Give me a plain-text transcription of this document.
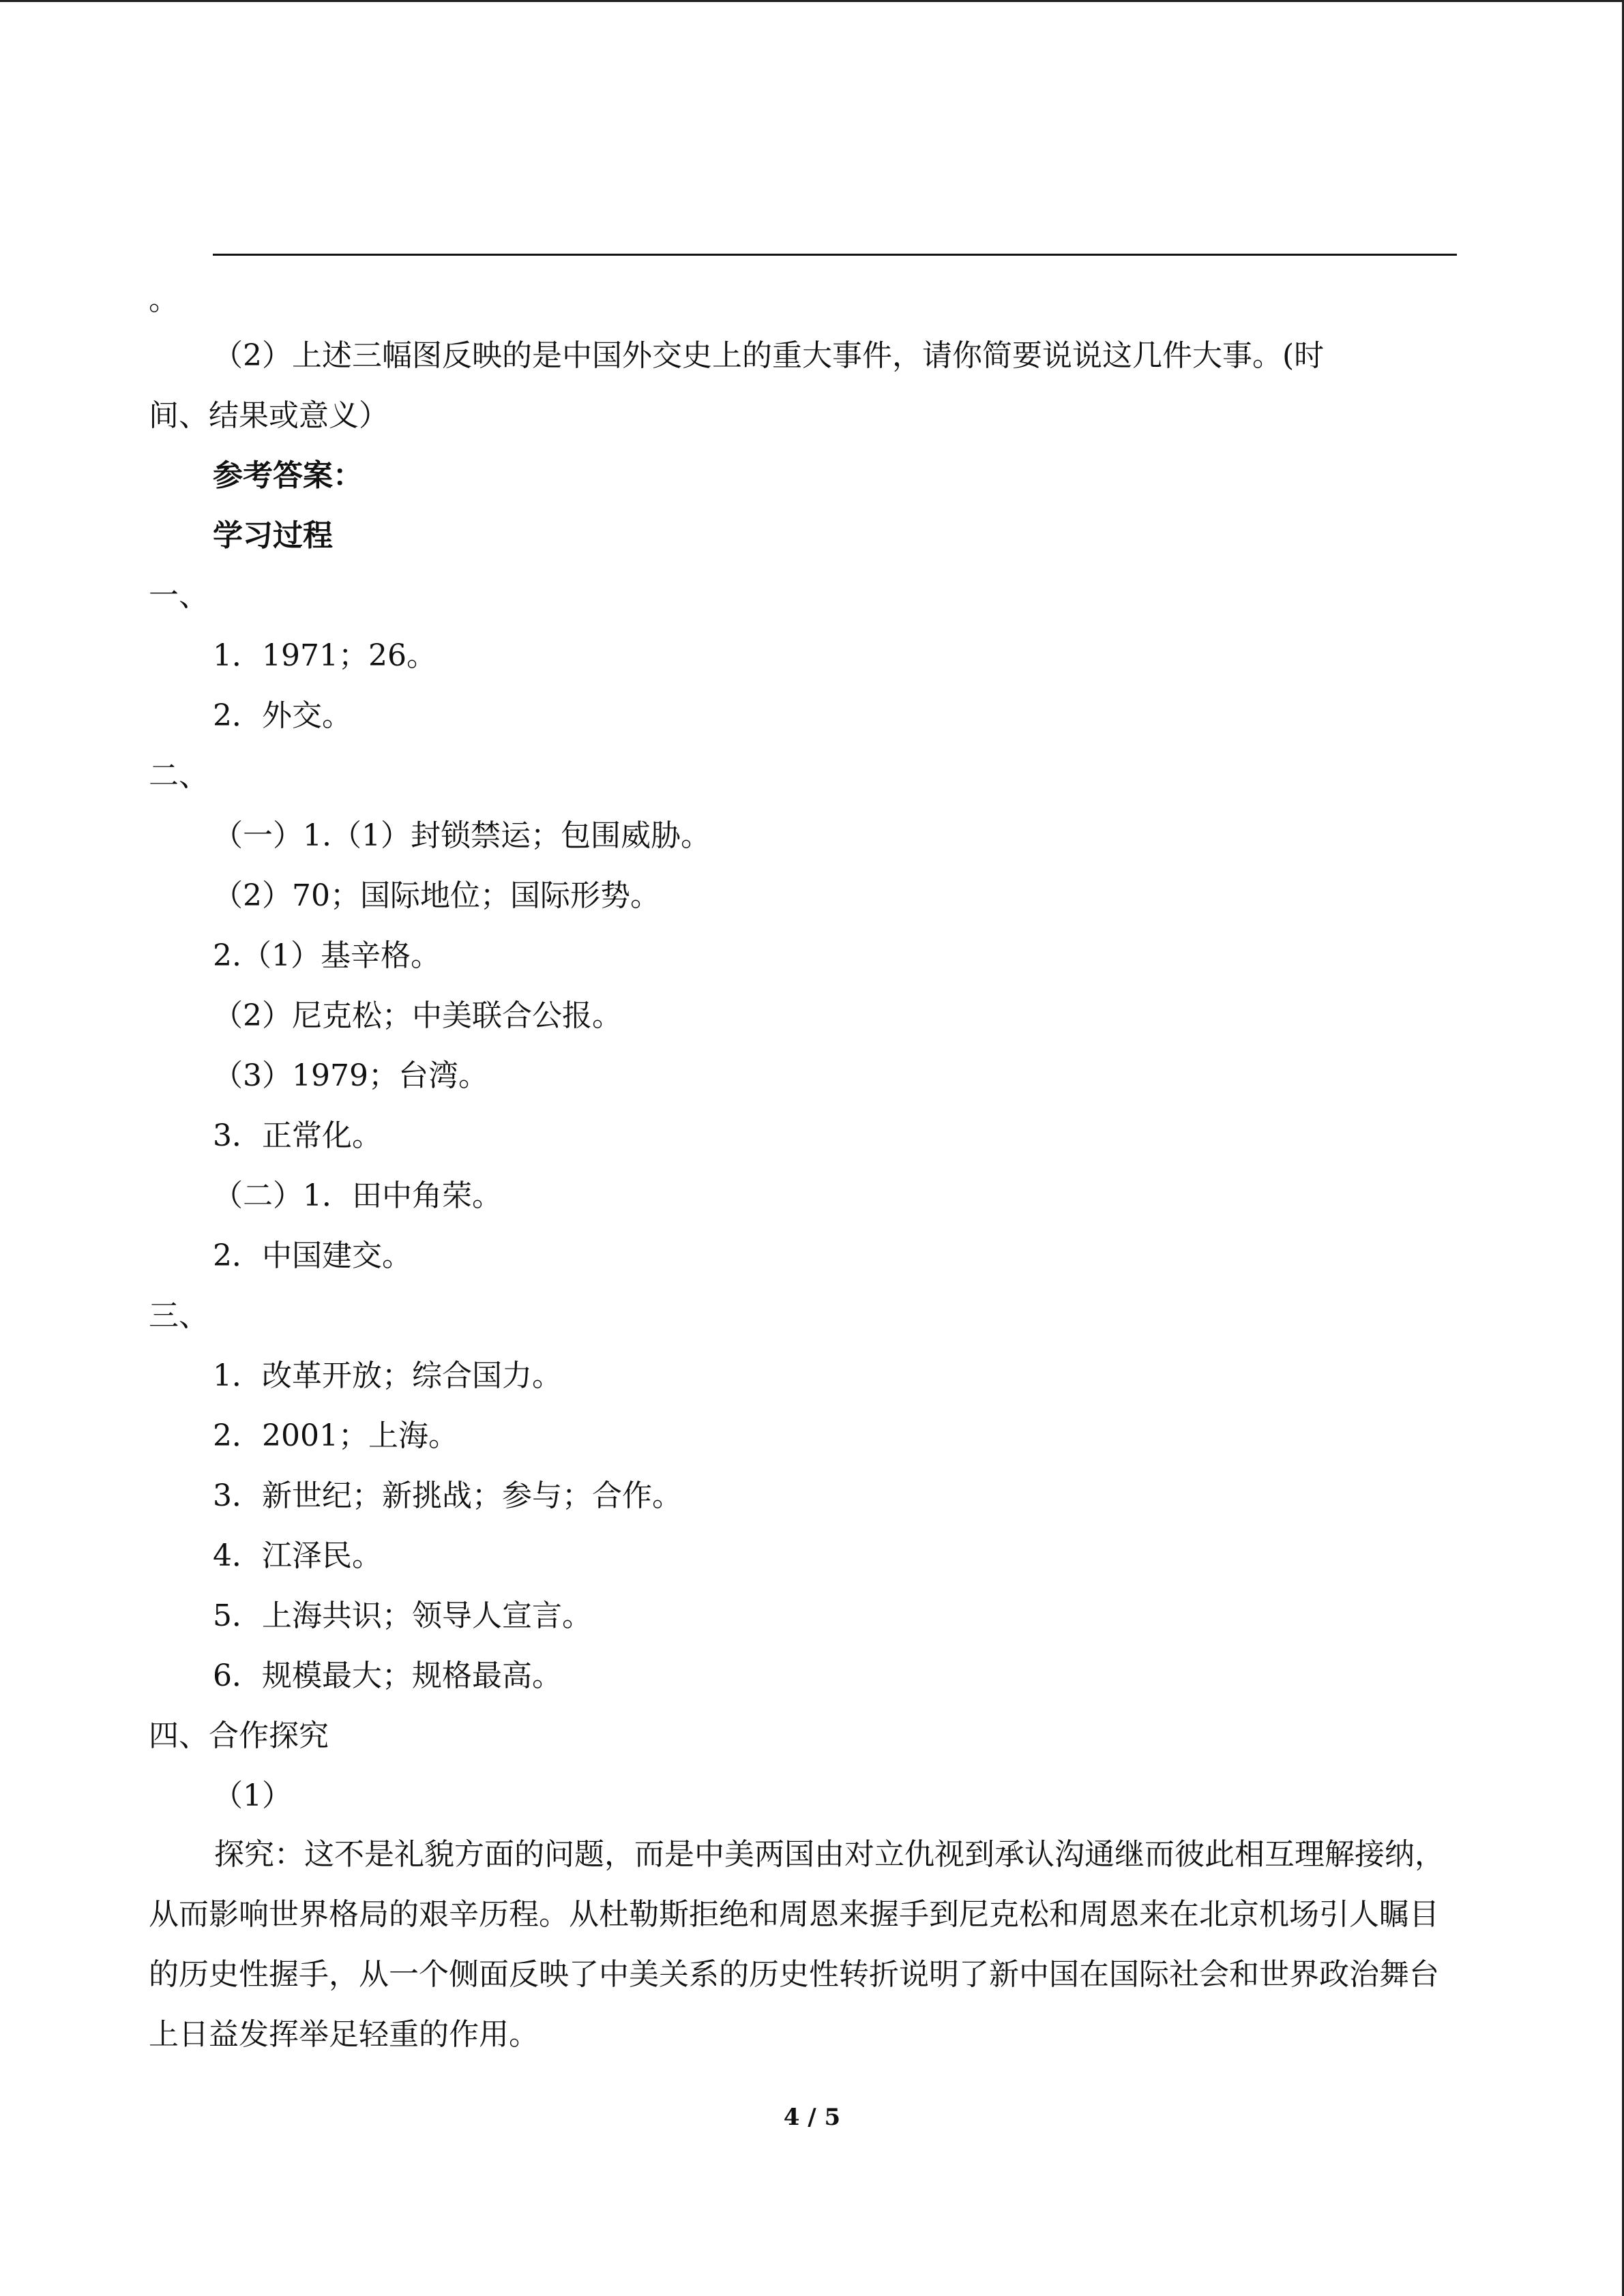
。
（2）上述三幅图反映的是中国外交史上的重大事件，请你简要说说这几件大事。(时
间、结果或意义）
参考答案：
学习过程
一、
1．1971；26。
2．外交。
二、
（一）1.（1）封锁禁运；包围威胁。
（2）70；国际地位；国际形势。
2.（1）基辛格。
（2）尼克松；中美联合公报。
（3）1979；台湾。
3．正常化。
（二）1．田中角荣。
2．中国建交。
三、
1．改革开放；综合国力。
2．2001；上海。
3．新世纪；新挑战；参与；合作。
4．江泽民。
5．上海共识；领导人宣言。
6．规模最大；规格最高。
四、合作探究
（1）
探究：这不是礼貌方面的问题，而是中美两国由对立仇视到承认沟通继而彼此相互理解接纳，从而影响世界格局的艰辛历程。从杜勒斯拒绝和周恩来握手到尼克松和周恩来在北京机场引人瞩目的历史性握手，从一个侧面反映了中美关系的历史性转折说明了新中国在国际社会和世界政治舞台上日益发挥举足轻重的作用。
4 / 5
